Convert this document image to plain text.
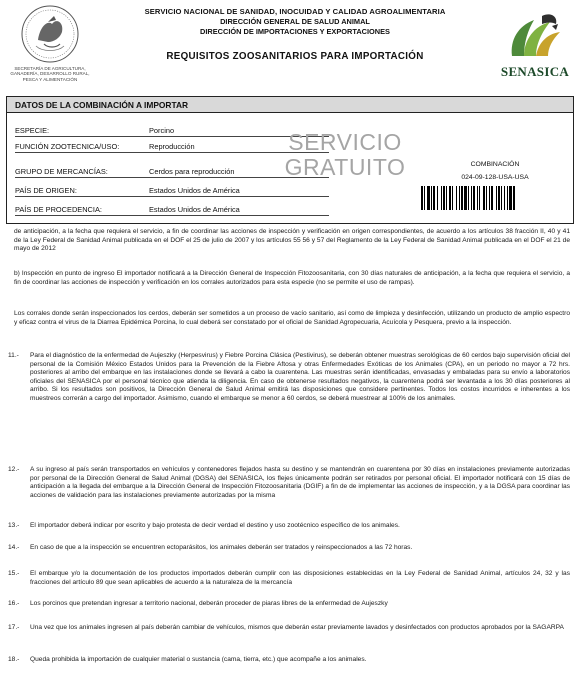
SECRETARÍA DE AGRICULTURA, GANADERÍA, DESARROLLO RURAL, PESCA Y ALIMENTACIÓN
SERVICIO NACIONAL DE SANIDAD, INOCUIDAD Y CALIDAD AGROALIMENTARIA
DIRECCIÓN GENERAL DE SALUD ANIMAL
DIRECCIÓN DE IMPORTACIONES Y EXPORTACIONES
REQUISITOS ZOOSANITARIOS PARA IMPORTACIÓN
SENASICA
DATOS DE LA COMBINACIÓN A IMPORTAR
ESPECIE:	Porcino
FUNCIÓN ZOOTECNICA/USO:	Reproducción
GRUPO DE MERCANCÍAS:	Cerdos para reproducción
PAÍS DE ORIGEN:	Estados Unidos de América
PAÍS DE PROCEDENCIA:	Estados Unidos de América
SERVICIO
GRATUITO	COMBINACIÓN
024-09-128-USA-USA
de anticipación, a la fecha que requiera el servicio, a fin de coordinar las acciones de inspección y verificación en origen correspondientes, de acuerdo a los artículos 38 fracción II, 40 y 41 de la Ley Federal de Sanidad Animal publicada en el DOF el 25 de julio de 2007 y los artículos 55 56 y 57 del Reglamento de la Ley Federal de Sanidad Animal publicada en el DOF el 21 de mayo de 2012
b) Inspección en punto de ingreso El importador notificará a la Dirección General de Inspección Fitozoosanitaria, con 30 días naturales de anticipación, a la fecha que requiera el servicio, a fin de coordinar las acciones de inspección y verificación en los corrales autorizados para esta especie (no se permite el uso de rampas).
Los corrales donde serán inspeccionados los cerdos, deberán ser sometidos a un proceso de vacío sanitario, así como de limpieza y desinfección, utilizando un producto de amplio espectro y eficaz contra el virus de la Diarrea Epidémica Porcina, lo cual deberá ser constatado por el oficial de Sanidad Agropecuaria, Acuícola y Pesquera, previo a la inspección.
11.- Para el diagnóstico de la enfermedad de Aujeszky (Herpesvirus) y Fiebre Porcina Clásica (Pestivirus), se deberán obtener muestras serológicas de 60 cerdos bajo supervisión oficial del personal de la Comisión México Estados Unidos para la Prevención de la Fiebre Aftosa y otras Enfermedades Exóticas de los Animales (CPA), en un periodo no mayor a 72 hrs. posteriores al arribo del embarque en las instalaciones donde se llevará a cabo la cuarentena. Las muestras serán identificadas, envasadas y embaladas para su envío a laboratorios oficiales del SENASICA por el personal técnico que atienda la diligencia. En caso de obtenerse resultados negativos, la cuarentena podrá ser levantada a los 30 días posteriores al arribo. Si los resultados son positivos, la Dirección General de Salud Animal emitirá las disposiciones que considere pertinentes. Todos los costos incurridos e inherentes a los muestreos correrán a cargo del importador. Asimismo, cuando el embarque se menor a 60 cerdos, se deberá muestrear al 100% de los animales.
12.- A su ingreso al país serán transportados en vehículos y contenedores flejados hasta su destino y se mantendrán en cuarentena por 30 días en instalaciones previamente autorizadas por personal de la Dirección General de Salud Animal (DGSA) del SENASICA, los flejes únicamente podrán ser retirados por personal oficial. El importador notificará con 15 días de anticipación a la llegada del embarque a la Dirección General de Inspección Fitozoosanitaria (DGIF) a fin de de implementar las acciones de inspección, y a la DGSA para coordinar las acciones de validación para las instalaciones previamente autorizadas por la misma
13.- El importador deberá indicar por escrito y bajo protesta de decir verdad el destino y uso zootécnico específico de los animales.
14.- En caso de que a la inspección se encuentren ectoparásitos, los animales deberán ser tratados y reinspeccionados a las 72 horas.
15.- El embarque y/o la documentación de los productos importados deberán cumplir con las disposiciones establecidas en la Ley Federal de Sanidad Animal, artículos 24, 32 y las fracciones del artículo 89 que sean aplicables de acuerdo a la naturaleza de la mercancía
16.- Los porcinos que pretendan ingresar a territorio nacional, deberán proceder de piaras libres de la enfermedad de Aujeszky
17.- Una vez que los animales ingresen al país deberán cambiar de vehículos, mismos que deberán estar previamente lavados y desinfectados con productos aprobados por la SAGARPA
18.- Queda prohibida la importación de cualquier material o sustancia (cama, tierra, etc.) que acompañe a los animales.
